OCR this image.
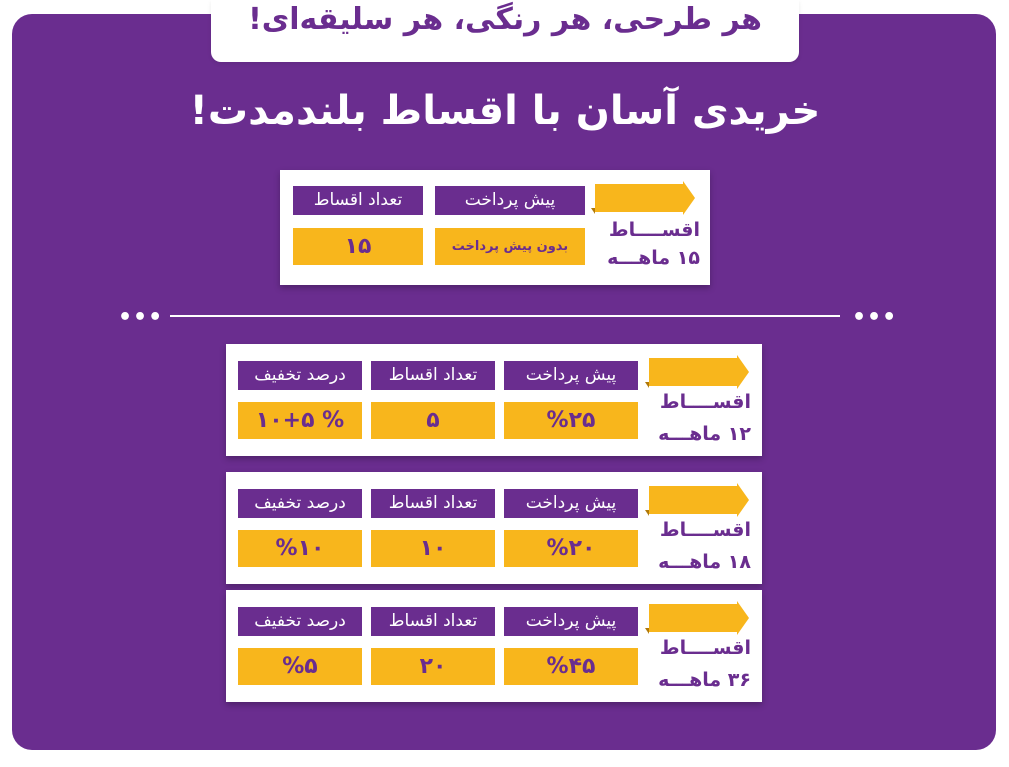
هر طرحی، هر رنگی، هر سلیقه‌ای!
خریدی آسان با اقساط بلندمدت!
اقســــاط
۱۵ ماهـــه
پیش پرداخت
بدون پیش پرداخت
تعداد اقساط
۱۵
•••	•••
اقســــاط
۱۲ ماهـــه
پیش پرداخت
%۲۵
تعداد اقساط
۵
درصد تخفیف
% ۱۰+۵
اقســــاط
۱۸ ماهـــه
پیش پرداخت
%۲۰
تعداد اقساط
۱۰
درصد تخفیف
%۱۰
اقســــاط
۳۶ ماهـــه
پیش پرداخت
%۴۵
تعداد اقساط
۲۰
درصد تخفیف
%۵
